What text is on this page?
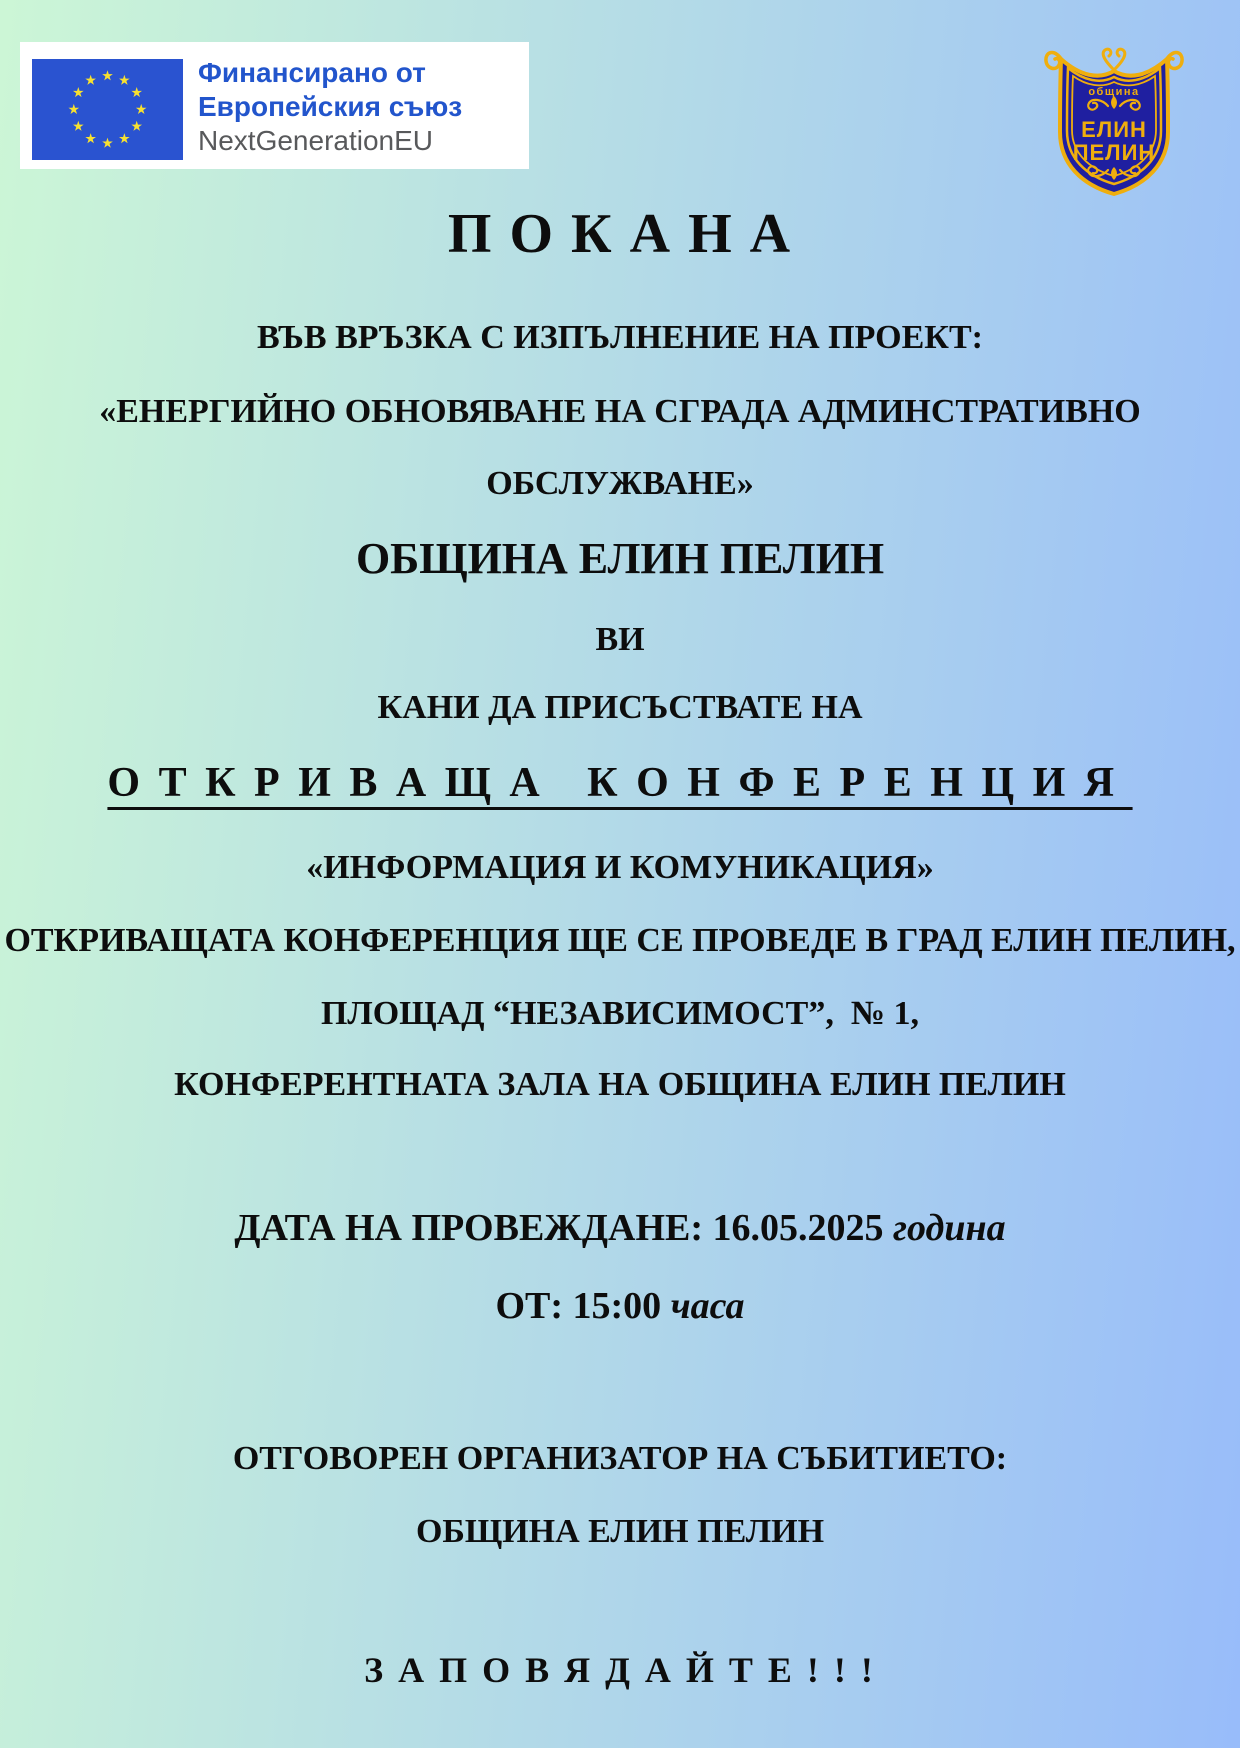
Финансирано от
Европейския съюз
NextGenerationEU
община
ЕЛИН
ПЕЛИН
П О К А Н А
ВЪВ ВРЪЗКА С ИЗПЪЛНЕНИЕ НА ПРОЕКТ:
«ЕНЕРГИЙНО ОБНОВЯВАНЕ НА СГРАДА АДМИНСТРАТИВНО
ОБСЛУЖВАНЕ»
ОБЩИНА ЕЛИН ПЕЛИН
ВИ
КАНИ ДА ПРИСЪСТВАТЕ НА
О Т К Р И В А Щ А   К О Н Ф Е Р Е Н Ц И Я
«ИНФОРМАЦИЯ И КОМУНИКАЦИЯ»
ОТКРИВАЩАТА КОНФЕРЕНЦИЯ ЩЕ СЕ ПРОВЕДЕ В ГРАД ЕЛИН ПЕЛИН,
ПЛОЩАД “НЕЗАВИСИМОСТ”,  № 1,
КОНФЕРЕНТНАТА ЗАЛА НА ОБЩИНА ЕЛИН ПЕЛИН
ДАТА НА ПРОВЕЖДАНЕ: 16.05.2025 година
ОТ: 15:00 часа
ОТГОВОРЕН ОРГАНИЗАТОР НА СЪБИТИЕТО:
ОБЩИНА ЕЛИН ПЕЛИН
З А П О В Я Д А Й Т Е ! ! !
